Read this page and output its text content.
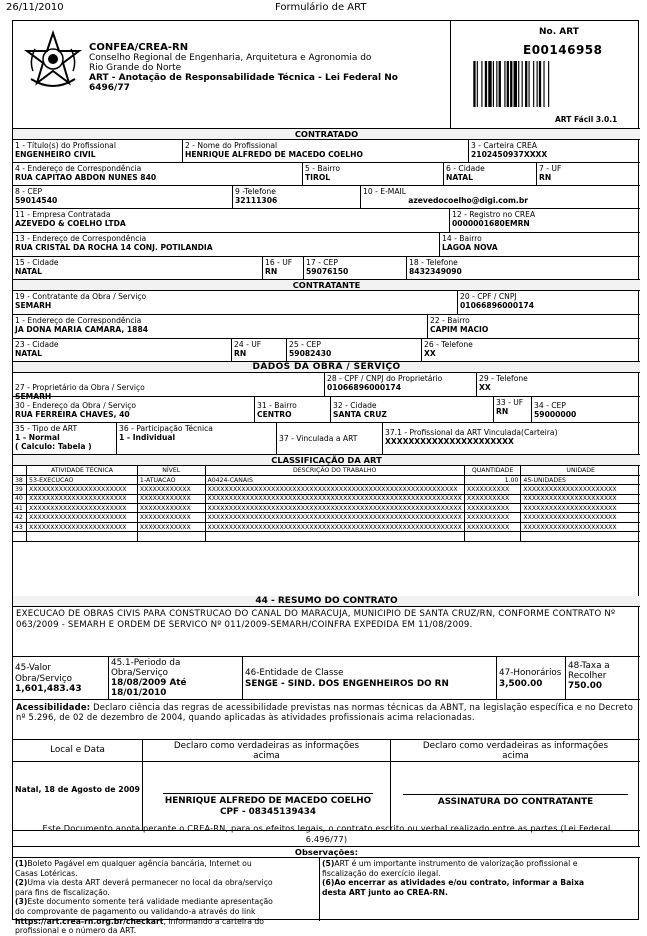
26/11/2010	Formulário de ART
CONFEA/CREA-RN
Conselho Regional de Engenharia, Arquitetura e Agronomia do
Rio Grande do Norte
ART - Anotação de Responsabilidade Técnica - Lei Federal No
6496/77
No. ART
E00146958
ART Fácil 3.0.1
CONTRATADO
1 - Título(s) do Profissional
ENGENHEIRO CIVIL
2 - Nome do Profissional
HENRIQUE ALFREDO DE MACEDO COELHO
3 - Carteira CREA
2102450937XXXX
4 - Endereço de Correspondência
RUA CAPITAO ABDON NUNES 840
5 - Bairro
TIROL
6 - Cidade
NATAL
7 - UF
RN
8 - CEP
59014540
9 -Telefone
32111306
10 - E-MAIL
azevedocoelho@digi.com.br
11 - Empresa Contratada
AZEVEDO & COELHO LTDA
12 - Registro no CREA
0000001680EMRN
13 - Endereço de Correspondência
RUA CRISTAL DA ROCHA 14 CONJ. POTILANDIA
14 - Bairro
LAGOA NOVA
15 - Cidade
NATAL
16 - UF
RN
17 - CEP
59076150
18 - Telefone
8432349090
CONTRATANTE
19 - Contratante da Obra / Serviço
SEMARH
20 - CPF / CNPJ
01066896000174
1 - Endereço de Correspondência
JA DONA MARIA CAMARA, 1884
22 - Bairro
CAPIM MACIO
23 - Cidade
NATAL
24 - UF
RN
25 - CEP
59082430
26 - Telefone
XX
DADOS DA OBRA / SERVIÇO
27 - Proprietário da Obra / Serviço
SEMARH
28 - CPF / CNPJ do Proprietário
01066896000174
29 - Telefone
XX
30 - Endereço da Obra / Serviço
RUA FERREIRA CHAVES, 40
31 - Bairro
CENTRO
32 - Cidade
SANTA CRUZ
33 - UF
RN
34 - CEP
59000000
35 - Tipo de ART
1 - Normal
( Calculo: Tabela )
36 - Participação Técnica
1 - Individual	37 - Vinculada a ART
37.1 - Profissional da ART Vinculada(Carteira)
XXXXXXXXXXXXXXXXXXXXXX
CLASSIFICAÇÃO DA ART
	ATIVIDADE TÉCNICA	NÍVEL	DESCRIÇÃO DO TRABALHO	QUANTIDADE	UNIDADE
38	53-EXECUCAO	1-ATUACAO	A0424-CANAIS	1.00	45-UNIDADES
39	XXXXXXXXXXXXXXXXXXXXXXX	XXXXXXXXXXXX	XXXXXXXXXXXXXXXXXXXXXXXXXXXXXXXXXXXXXXXXXXXXXXXXXXXXXXXXXXX	XXXXXXXXXX	XXXXXXXXXXXXXXXXXXXXXX
40	XXXXXXXXXXXXXXXXXXXXXXX	XXXXXXXXXXXX	XXXXXXXXXXXXXXXXXXXXXXXXXXXXXXXXXXXXXXXXXXXXXXXXXXXXXXXXXXXX	XXXXXXXXXX	XXXXXXXXXXXXXXXXXXXXXX
41	XXXXXXXXXXXXXXXXXXXXXXX	XXXXXXXXXXXX	XXXXXXXXXXXXXXXXXXXXXXXXXXXXXXXXXXXXXXXXXXXXXXXXXXXXXXXXXXXX	XXXXXXXXXX	XXXXXXXXXXXXXXXXXXXXXX
42	XXXXXXXXXXXXXXXXXXXXXXX	XXXXXXXXXXXX	XXXXXXXXXXXXXXXXXXXXXXXXXXXXXXXXXXXXXXXXXXXXXXXXXXXXXXXXXXXX	XXXXXXXXXX	XXXXXXXXXXXXXXXXXXXXXX
43	XXXXXXXXXXXXXXXXXXXXXXX	XXXXXXXXXXXX	XXXXXXXXXXXXXXXXXXXXXXXXXXXXXXXXXXXXXXXXXXXXXXXXXXXXXXXXXXXX	XXXXXXXXXX	XXXXXXXXXXXXXXXXXXXXXX

44 - RESUMO DO CONTRATO
EXECUCAO DE OBRAS CIVIS PARA CONSTRUCAO DO CANAL DO MARACUJA, MUNICIPIO DE SANTA CRUZ/RN, CONFORME CONTRATO Nº 063/2009 - SEMARH E ORDEM DE SERVICO Nº 011/2009-SEMARH/COINFRA EXPEDIDA EM 11/08/2009.
45-Valor
Obra/Serviço
1,601,483.43
45.1-Periodo da
Obra/Serviço
18/08/2009 Até
18/01/2010
46-Entidade de Classe
SENGE - SIND. DOS ENGENHEIROS DO RN
47-Honorários
3,500.00
48-Taxa a
Recolher
750.00
Acessibilidade: Declaro ciência das regras de acessibilidade previstas nas normas técnicas da ABNT, na legislação específica e no Decreto nº 5.296, de 02 de dezembro de 2004, quando aplicadas às atividades profissionais acima relacionadas.
Local e Data	Declaro como verdadeiras as informações
acima
Declaro como verdadeiras as informações
acima
Natal, 18 de Agosto de 2009
HENRIQUE ALFREDO DE MACEDO COELHO
CPF - 08345139434
ASSINATURA DO CONTRATANTE
Este Documento anota perante o CREA-RN, para os efeitos legais, o contrato escrito ou verbal realizado entre as partes (Lei Federal
6.496/77)
Observações:
(1)Boleto Pagável em qualquer agência bancária, Internet ou
Casas Lotéricas.
(2)Uma via desta ART deverá permanecer no local da obra/serviço
para fins de fiscalização.
(3)Este documento somente terá validade mediante apresentação
do comprovante de pagamento ou validando-a através do link
https://art.crea-rn.org.br/checkart, informando a carteira do
profissional e o número da ART.
(5)ART é um importante instrumento de valorização profissional e
fiscalização do exercício ilegal.
(6)Ao encerrar as atividades e/ou contrato, informar a Baixa
desta ART junto ao CREA-RN.
